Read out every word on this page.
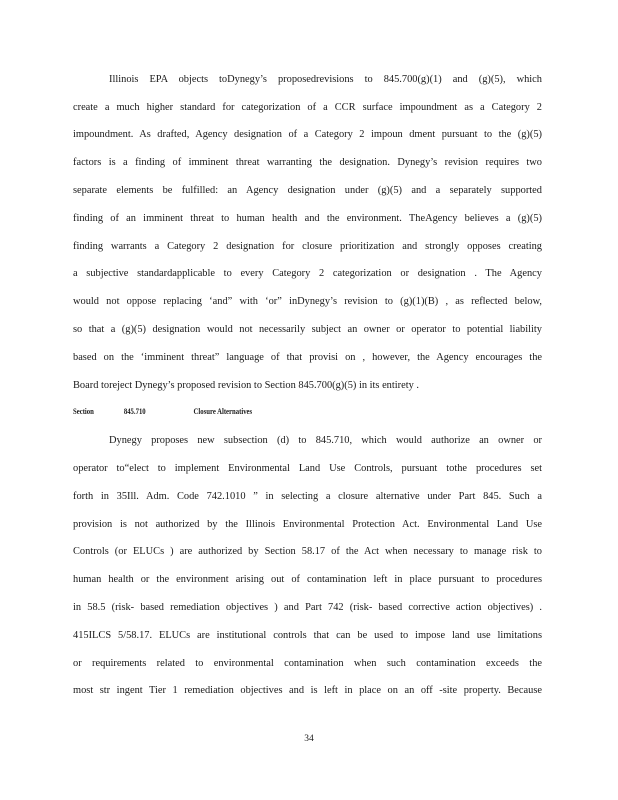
Illinois EPA objects toDynegy’s proposedrevisions to 845.700(g)(1) and (g)(5), which
create a much higher standard for categorization of a CCR surface impoundment as a Category 2
impoundment. As drafted, Agency designation of a Category 2 impoun dment pursuant to the (g)(5)
factors is a finding of imminent threat warranting the designation. Dynegy’s revision requires two
separate elements be fulfilled: an Agency designation under (g)(5) and a separately supported
finding of an imminent threat to human health and the environment. TheAgency believes a (g)(5)
finding warrants a Category 2 designation for closure prioritization and strongly opposes creating
a subjective standardapplicable to every Category 2 categorization or designation . The Agency
would not oppose replacing ‘and” with ‘or” inDynegy’s revision to (g)(1)(B) , as reflected below,
so that a (g)(5) designation would not necessarily subject an owner or operator to potential liability
based on the ‘imminent threat” language of that provisi on , however, the Agency encourages the
Board toreject Dynegy’s proposed revision to Section 845.700(g)(5) in its entirety .
Section	845.710	Closure Alternatives
Dynegy proposes new subsection (d) to 845.710, which would authorize an owner or
operator to“elect to implement Environmental Land Use Controls, pursuant tothe procedures set
forth in 35Ill. Adm. Code 742.1010 ” in selecting a closure alternative under Part 845. Such a
provision is not authorized by the Illinois Environmental Protection Act. Environmental Land Use
Controls (or ELUCs ) are authorized by Section 58.17 of the Act when necessary to manage risk to
human health or the environment arising out of contamination left in place pursuant to procedures
in 58.5 (risk- based remediation objectives ) and Part 742 (risk- based corrective action objectives) .
415ILCS 5/58.17. ELUCs are institutional controls that can be used to impose land use limitations
or requirements related to environmental contamination when such contamination exceeds the
most str ingent Tier 1 remediation objectives and is left in place on an off -site property. Because
34
